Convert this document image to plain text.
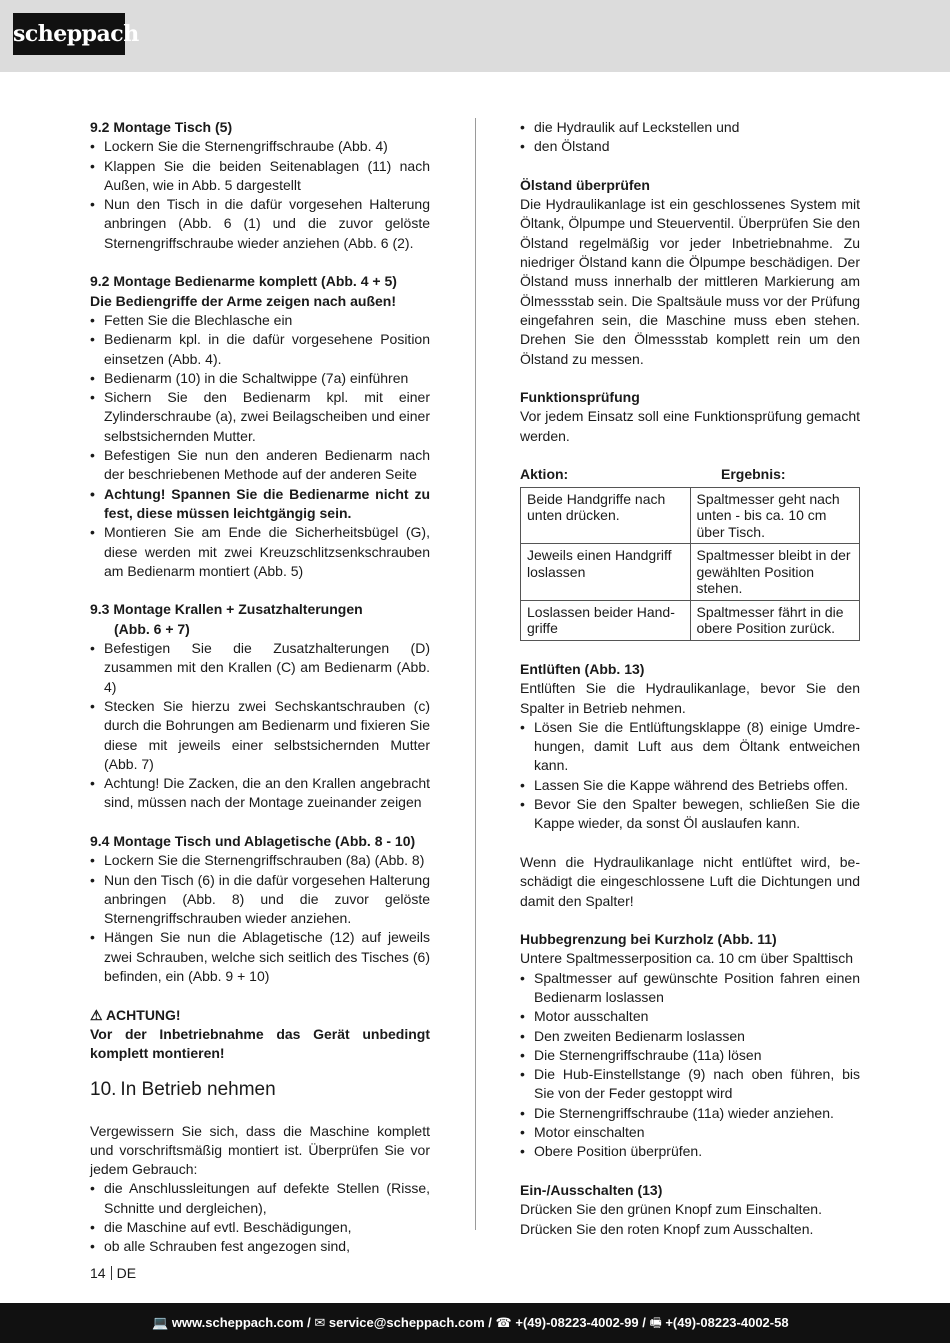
scheppach

9.2 Montage Tisch (5)

• Lockern Sie die Sternengriffschraube (Abb. 4)
• Klappen Sie die beiden Seitenablagen (11) nach Außen, wie in Abb. 5 dargestellt
• Nun den Tisch in die dafür vorgesehen Halterung anbringen (Abb. 6 (1) und die zuvor gelöste Sternengriffschraube wieder anziehen (Abb. 6 (2).

9.2 Montage Bedienarme komplett (Abb. 4 + 5)

Die Bediengriffe der Arme zeigen nach außen!

• Fetten Sie die Blechlasche ein
• Bedienarm kpl. in die dafür vorgesehene Position einsetzen (Abb. 4).
• Bedienarm (10) in die Schaltwippe (7a) einführen
• Sichern Sie den Bedienarm kpl. mit einer Zylinderschraube (a), zwei Beilagscheiben und einer selbstsichernden Mutter.
• Befestigen Sie nun den anderen Bedienarm nach der beschriebenen Methode auf der anderen Seite
• Achtung! Spannen Sie die Bedienarme nicht zu fest, diese müssen leichtgängig sein.
• Montieren Sie am Ende die Sicherheitsbügel (G), diese werden mit zwei Kreuzschlitzsenkschrauben am Bedienarm montiert (Abb. 5)

9.3 Montage Krallen + Zusatzhalterungen

(Abb. 6 + 7)

• Befestigen Sie die Zusatzhalterungen (D) zusammen mit den Krallen (C) am Bedienarm (Abb. 4)
• Stecken Sie hierzu zwei Sechskantschrauben (c) durch die Bohrungen am Bedienarm und fixieren Sie diese mit jeweils einer selbstsichernden Mutter (Abb. 7)
• Achtung! Die Zacken, die an den Krallen angebracht sind, müssen nach der Montage zueinander zeigen

9.4 Montage Tisch und Ablagetische (Abb. 8 - 10)

• Lockern Sie die Sternengriffschrauben (8a) (Abb. 8)
• Nun den Tisch (6) in die dafür vorgesehen Halterung anbringen (Abb. 8) und die zuvor gelöste Sternengriffschrauben wieder anziehen.
• Hängen Sie nun die Ablagetische (12) auf jeweils zwei Schrauben, welche sich seitlich des Tisches (6) befinden, ein (Abb. 9 + 10)

⚠ ACHTUNG!

Vor der Inbetriebnahme das Gerät unbedingt komplett montieren!

10. In Betrieb nehmen

Vergewissern Sie sich, dass die Maschine komplett und vorschriftsmäßig montiert ist. Überprüfen Sie vor jedem Gebrauch:

• die Anschlussleitungen auf defekte Stellen (Risse, Schnitte und dergleichen),
• die Maschine auf evtl. Beschädigungen,
• ob alle Schrauben fest angezogen sind,
• die Hydraulik auf Leckstellen und
• den Ölstand

Ölstand überprüfen

Die Hydraulikanlage ist ein geschlossenes System mit Öltank, Ölpumpe und Steuerventil. Überprüfen Sie den Ölstand regelmäßig vor jeder Inbetriebnahme. Zu niedriger Ölstand kann die Ölpumpe beschädigen. Der Ölstand muss innerhalb der mittleren Markierung am Ölmessstab sein. Die Spaltsäule muss vor der Prüfung eingefahren sein, die Maschine muss eben stehen. Drehen Sie den Ölmessstab komplett rein um den Ölstand zu messen.

Funktionsprüfung

Vor jedem Einsatz soll eine Funktionsprüfung gemacht werden.

Aktion:	Ergebnis:
Beide Handgriffe nach unten drücken.	Spaltmesser geht nach unten - bis ca. 10 cm über Tisch.
Jeweils einen Handgriff loslassen	Spaltmesser bleibt in der gewählten Position stehen.
Loslassen beider Handgriffe	Spaltmesser fährt in die obere Position zurück.

Entlüften (Abb. 13)

Entlüften Sie die Hydraulikanlage, bevor Sie den Spalter in Betrieb nehmen.

• Lösen Sie die Entlüftungsklappe (8) einige Umdrehungen, damit Luft aus dem Öltank entweichen kann.
• Lassen Sie die Kappe während des Betriebs offen.
• Bevor Sie den Spalter bewegen, schließen Sie die Kappe wieder, da sonst Öl auslaufen kann.

Wenn die Hydraulikanlage nicht entlüftet wird, beschädigt die eingeschlossene Luft die Dichtungen und damit den Spalter!

Hubbegrenzung bei Kurzholz (Abb. 11)

Untere Spaltmesserposition ca. 10 cm über Spalttisch

• Spaltmesser auf gewünschte Position fahren einen Bedienarm loslassen
• Motor ausschalten
• Den zweiten Bedienarm loslassen
• Die Sternengriffschraube (11a) lösen
• Die Hub-Einstellstange (9) nach oben führen, bis Sie von der Feder gestoppt wird
• Die Sternengriffschraube (11a) wieder anziehen.
• Motor einschalten
• Obere Position überprüfen.

Ein-/Ausschalten (13)

Drücken Sie den grünen Knopf zum Einschalten.

Drücken Sie den roten Knopf zum Ausschalten.

14 DE
💻 www.scheppach.com / ✉ service@scheppach.com / ☎ +(49)-08223-4002-99 / 🖷 +(49)-08223-4002-58
